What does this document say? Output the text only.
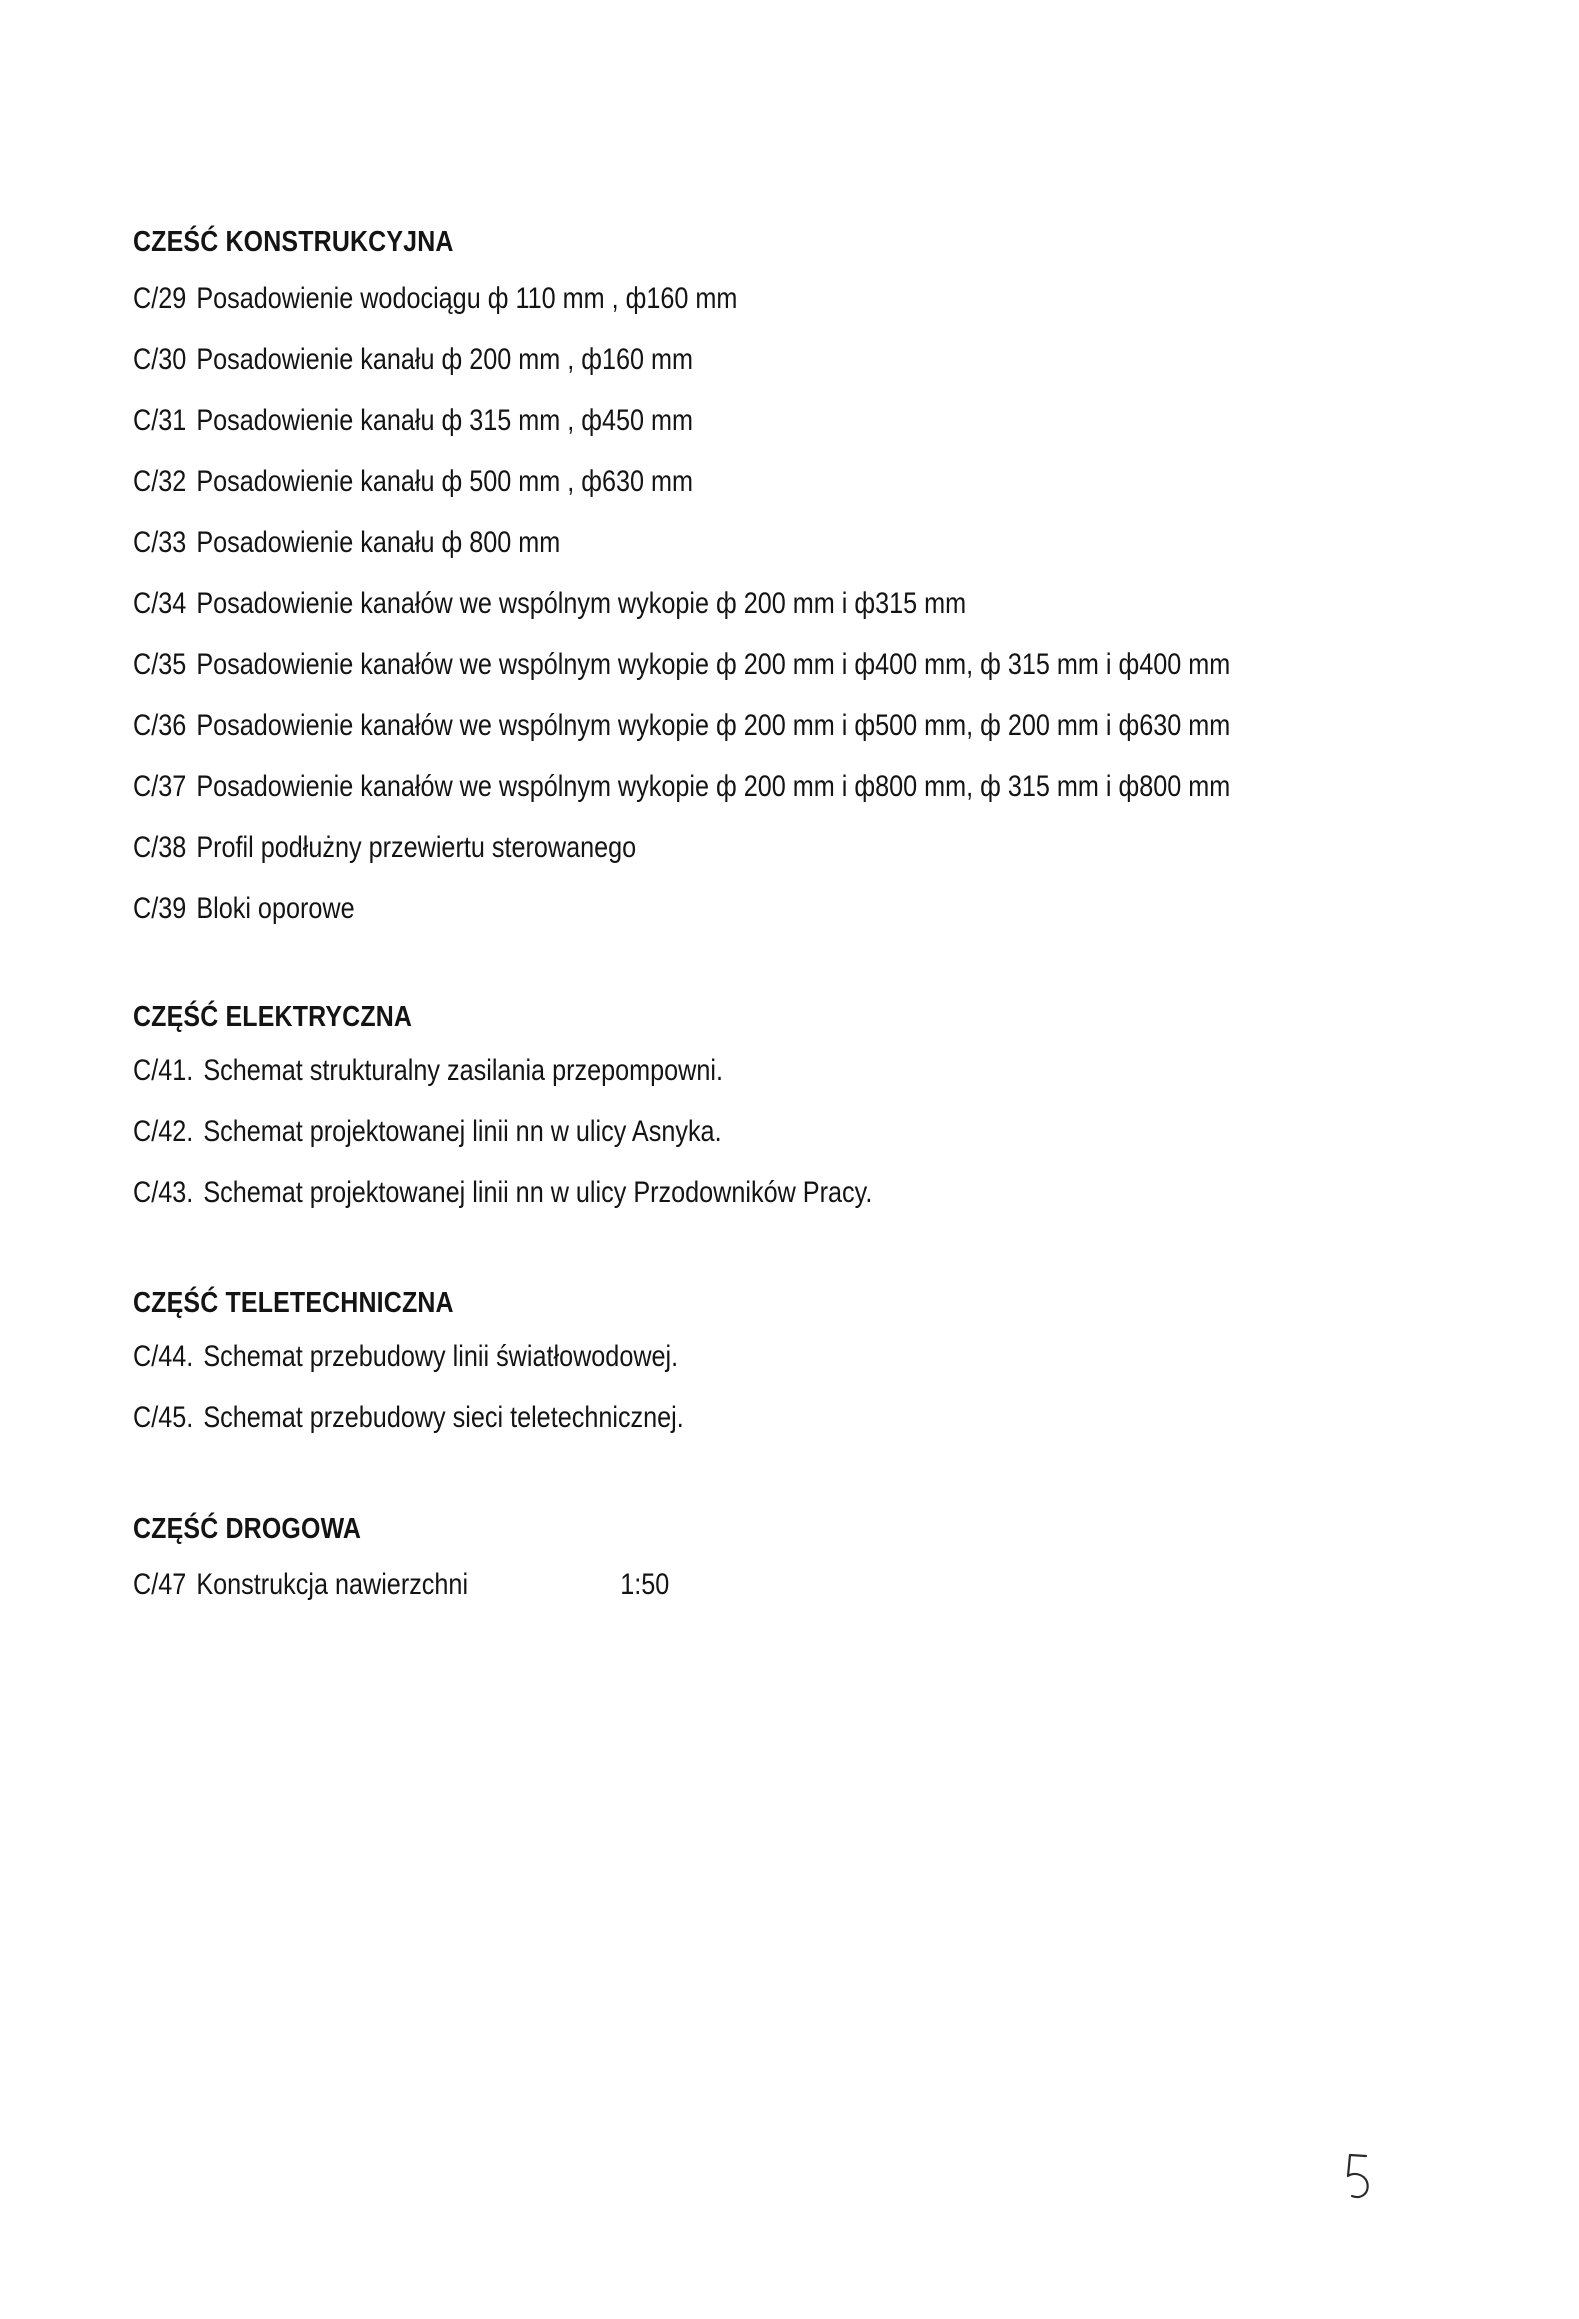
CZEŚĆ KONSTRUKCYJNA
C/29 Posadowienie wodociągu ф 110 mm , ф160 mm
C/30 Posadowienie kanału ф 200 mm , ф160 mm
C/31 Posadowienie kanału ф 315 mm , ф450 mm
C/32 Posadowienie kanału ф 500 mm , ф630 mm
C/33 Posadowienie kanału ф 800 mm
C/34 Posadowienie kanałów we wspólnym wykopie ф 200 mm i ф315 mm
C/35 Posadowienie kanałów we wspólnym wykopie ф 200 mm i ф400 mm, ф 315 mm i ф400 mm
C/36 Posadowienie kanałów we wspólnym wykopie ф 200 mm i ф500 mm, ф 200 mm i ф630 mm
C/37 Posadowienie kanałów we wspólnym wykopie ф 200 mm i ф800 mm, ф 315 mm i ф800 mm
C/38 Profil podłużny przewiertu sterowanego
C/39 Bloki oporowe
CZĘŚĆ ELEKTRYCZNA
C/41. Schemat strukturalny zasilania przepompowni.
C/42. Schemat projektowanej linii nn w ulicy Asnyka.
C/43. Schemat projektowanej linii nn w ulicy Przodowników Pracy.
CZĘŚĆ TELETECHNICZNA
C/44. Schemat przebudowy linii światłowodowej.
C/45. Schemat przebudowy sieci teletechnicznej.
CZĘŚĆ DROGOWA
C/47 Konstrukcja nawierzchni	1:50
